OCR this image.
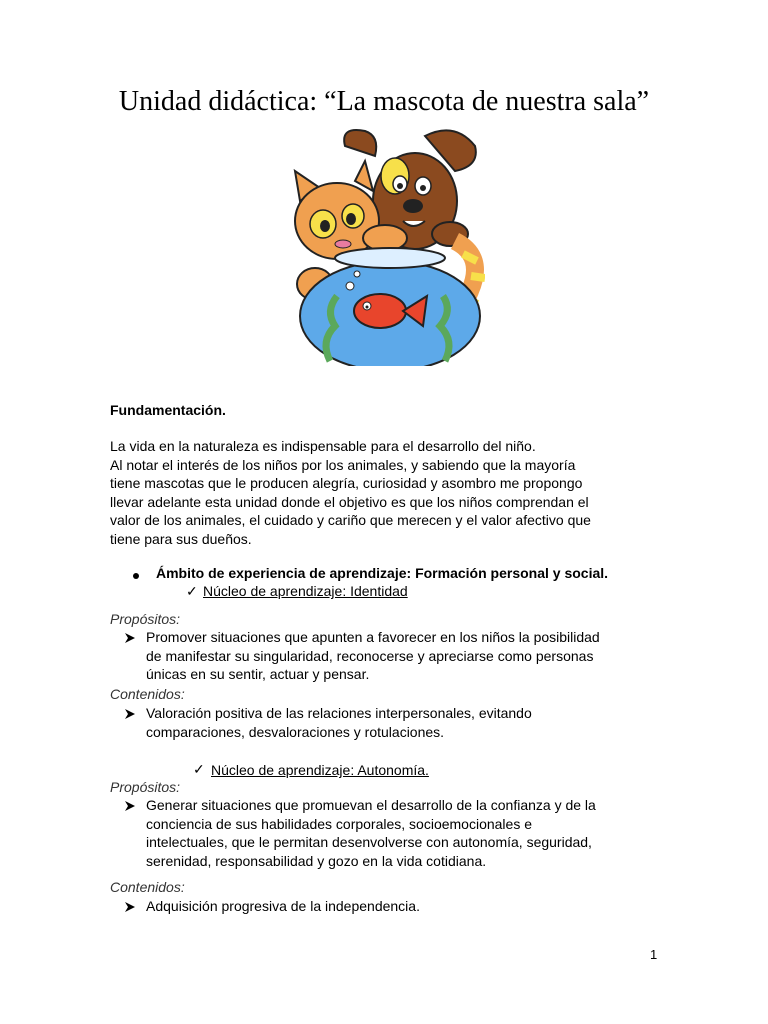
Unidad didáctica: “La mascota de nuestra sala”
Fundamentación.
La vida en la naturaleza es indispensable para el desarrollo del niño.
Al notar el interés de los niños por los animales, y sabiendo que la mayoría
tiene mascotas que le producen alegría, curiosidad y asombro me propongo
llevar adelante esta unidad donde el objetivo es que los niños comprendan el
valor de los animales, el cuidado y cariño que merecen y el valor afectivo que
tiene para sus dueños.
Ámbito de experiencia de aprendizaje: Formación personal y social.
✓ Núcleo de aprendizaje: Identidad
Propósitos:
Promover situaciones que apunten a favorecer en los niños la posibilidad
de manifestar su singularidad, reconocerse y apreciarse como personas
únicas en su sentir, actuar y pensar.
Contenidos:
Valoración positiva de las relaciones interpersonales, evitando
comparaciones, desvaloraciones y rotulaciones.
✓ Núcleo de aprendizaje: Autonomía.
Propósitos:
Generar situaciones que promuevan el desarrollo de la confianza y de la
conciencia de sus habilidades corporales, socioemocionales e
intelectuales, que le permitan desenvolverse con autonomía, seguridad,
serenidad, responsabilidad y gozo en la vida cotidiana.
Contenidos:
Adquisición progresiva de la independencia.
1
